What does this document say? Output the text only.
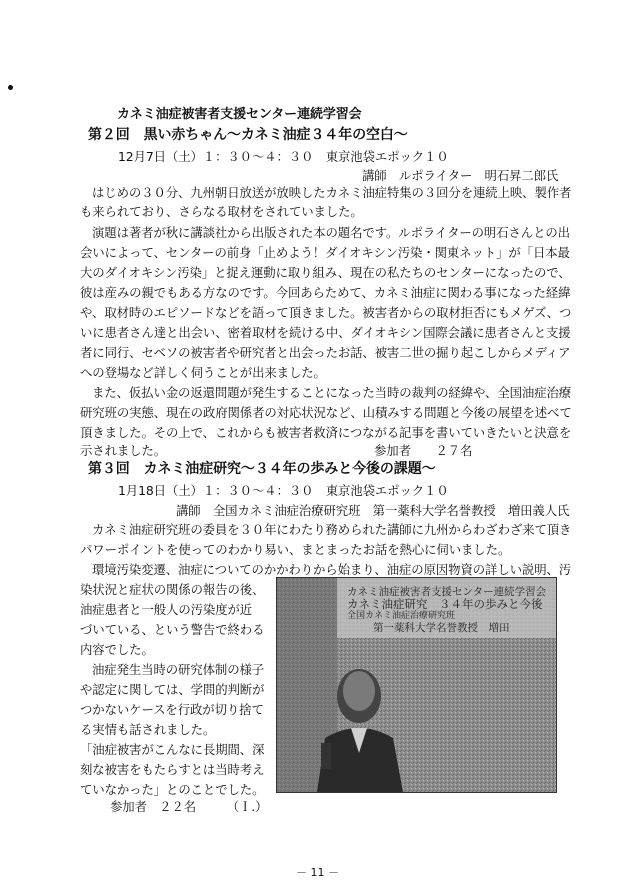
カネミ油症被害者支援センター連続学習会
第２回　黒い赤ちゃん～カネミ油症３４年の空白～
12月7日（土）１：３０～４：３０　東京池袋エポック１０
講師　ルポライター　明石昇二郎氏
はじめの３０分、九州朝日放送が放映したカネミ油症特集の３回分を連続上映、製作者
も来られており、さらなる取材をされていました。
演題は著者が秋に講談社から出版された本の題名です。ルポライターの明石さんとの出
会いによって、センターの前身「止めよう！ダイオキシン汚染・関東ネット」が「日本最
大のダイオキシン汚染」と捉え運動に取り組み、現在の私たちのセンターになったので、
彼は産みの親でもある方なのです。今回あらためて、カネミ油症に関わる事になった経緯
や、取材時のエピソードなどを語って頂きました。被害者からの取材拒否にもメゲズ、つ
いに患者さん達と出会い、密着取材を続ける中、ダイオキシン国際会議に患者さんと支援
者に同行、セベソの被害者や研究者と出会ったお話、被害二世の掘り起こしからメディア
への登場など詳しく伺うことが出来ました。
また、仮払い金の返還問題が発生することになった当時の裁判の経緯や、全国油症治療
研究班の実態、現在の政府関係者の対応状況など、山積みする問題と今後の展望を述べて
頂きました。その上で、これからも被害者救済につながる記事を書いていきたいと決意を
示されました。	参加者　　２７名
第３回　カネミ油症研究～３４年の歩みと今後の課題～
1月18日（土）１：３０～４：３０　東京池袋エポック１０
講師　全国カネミ油症治療研究班　第一薬科大学名誉教授　増田義人氏
カネミ油症研究班の委員を３０年にわたり務められた講師に九州からわざわざ来て頂き
パワーポイントを使ってのわかり易い、まとまったお話を熱心に伺いました。
環境汚染変遷、油症についてのかかわりから始まり、油症の原因物資の詳しい説明、汚
染状況と症状の関係の報告の後、
油症患者と一般人の汚染度が近
づいている、という警告で終わる
内容でした。
油症発生当時の研究体制の様子
や認定に関しては、学問的判断が
つかないケースを行政が切り捨て
る実情も話されました。
「油症被害がこんなに長期間、深
刻な被害をもたらすとは当時考え
ていなかった」とのことでした。
参加者　２２名　　　（Ｉ.）
カネミ油症被害者支援センター連続学習会
カネミ油症研究　３４年の歩みと今後
全国カネミ油症治療研究班
第一薬科大学名誉教授　増田
－ 11 －
